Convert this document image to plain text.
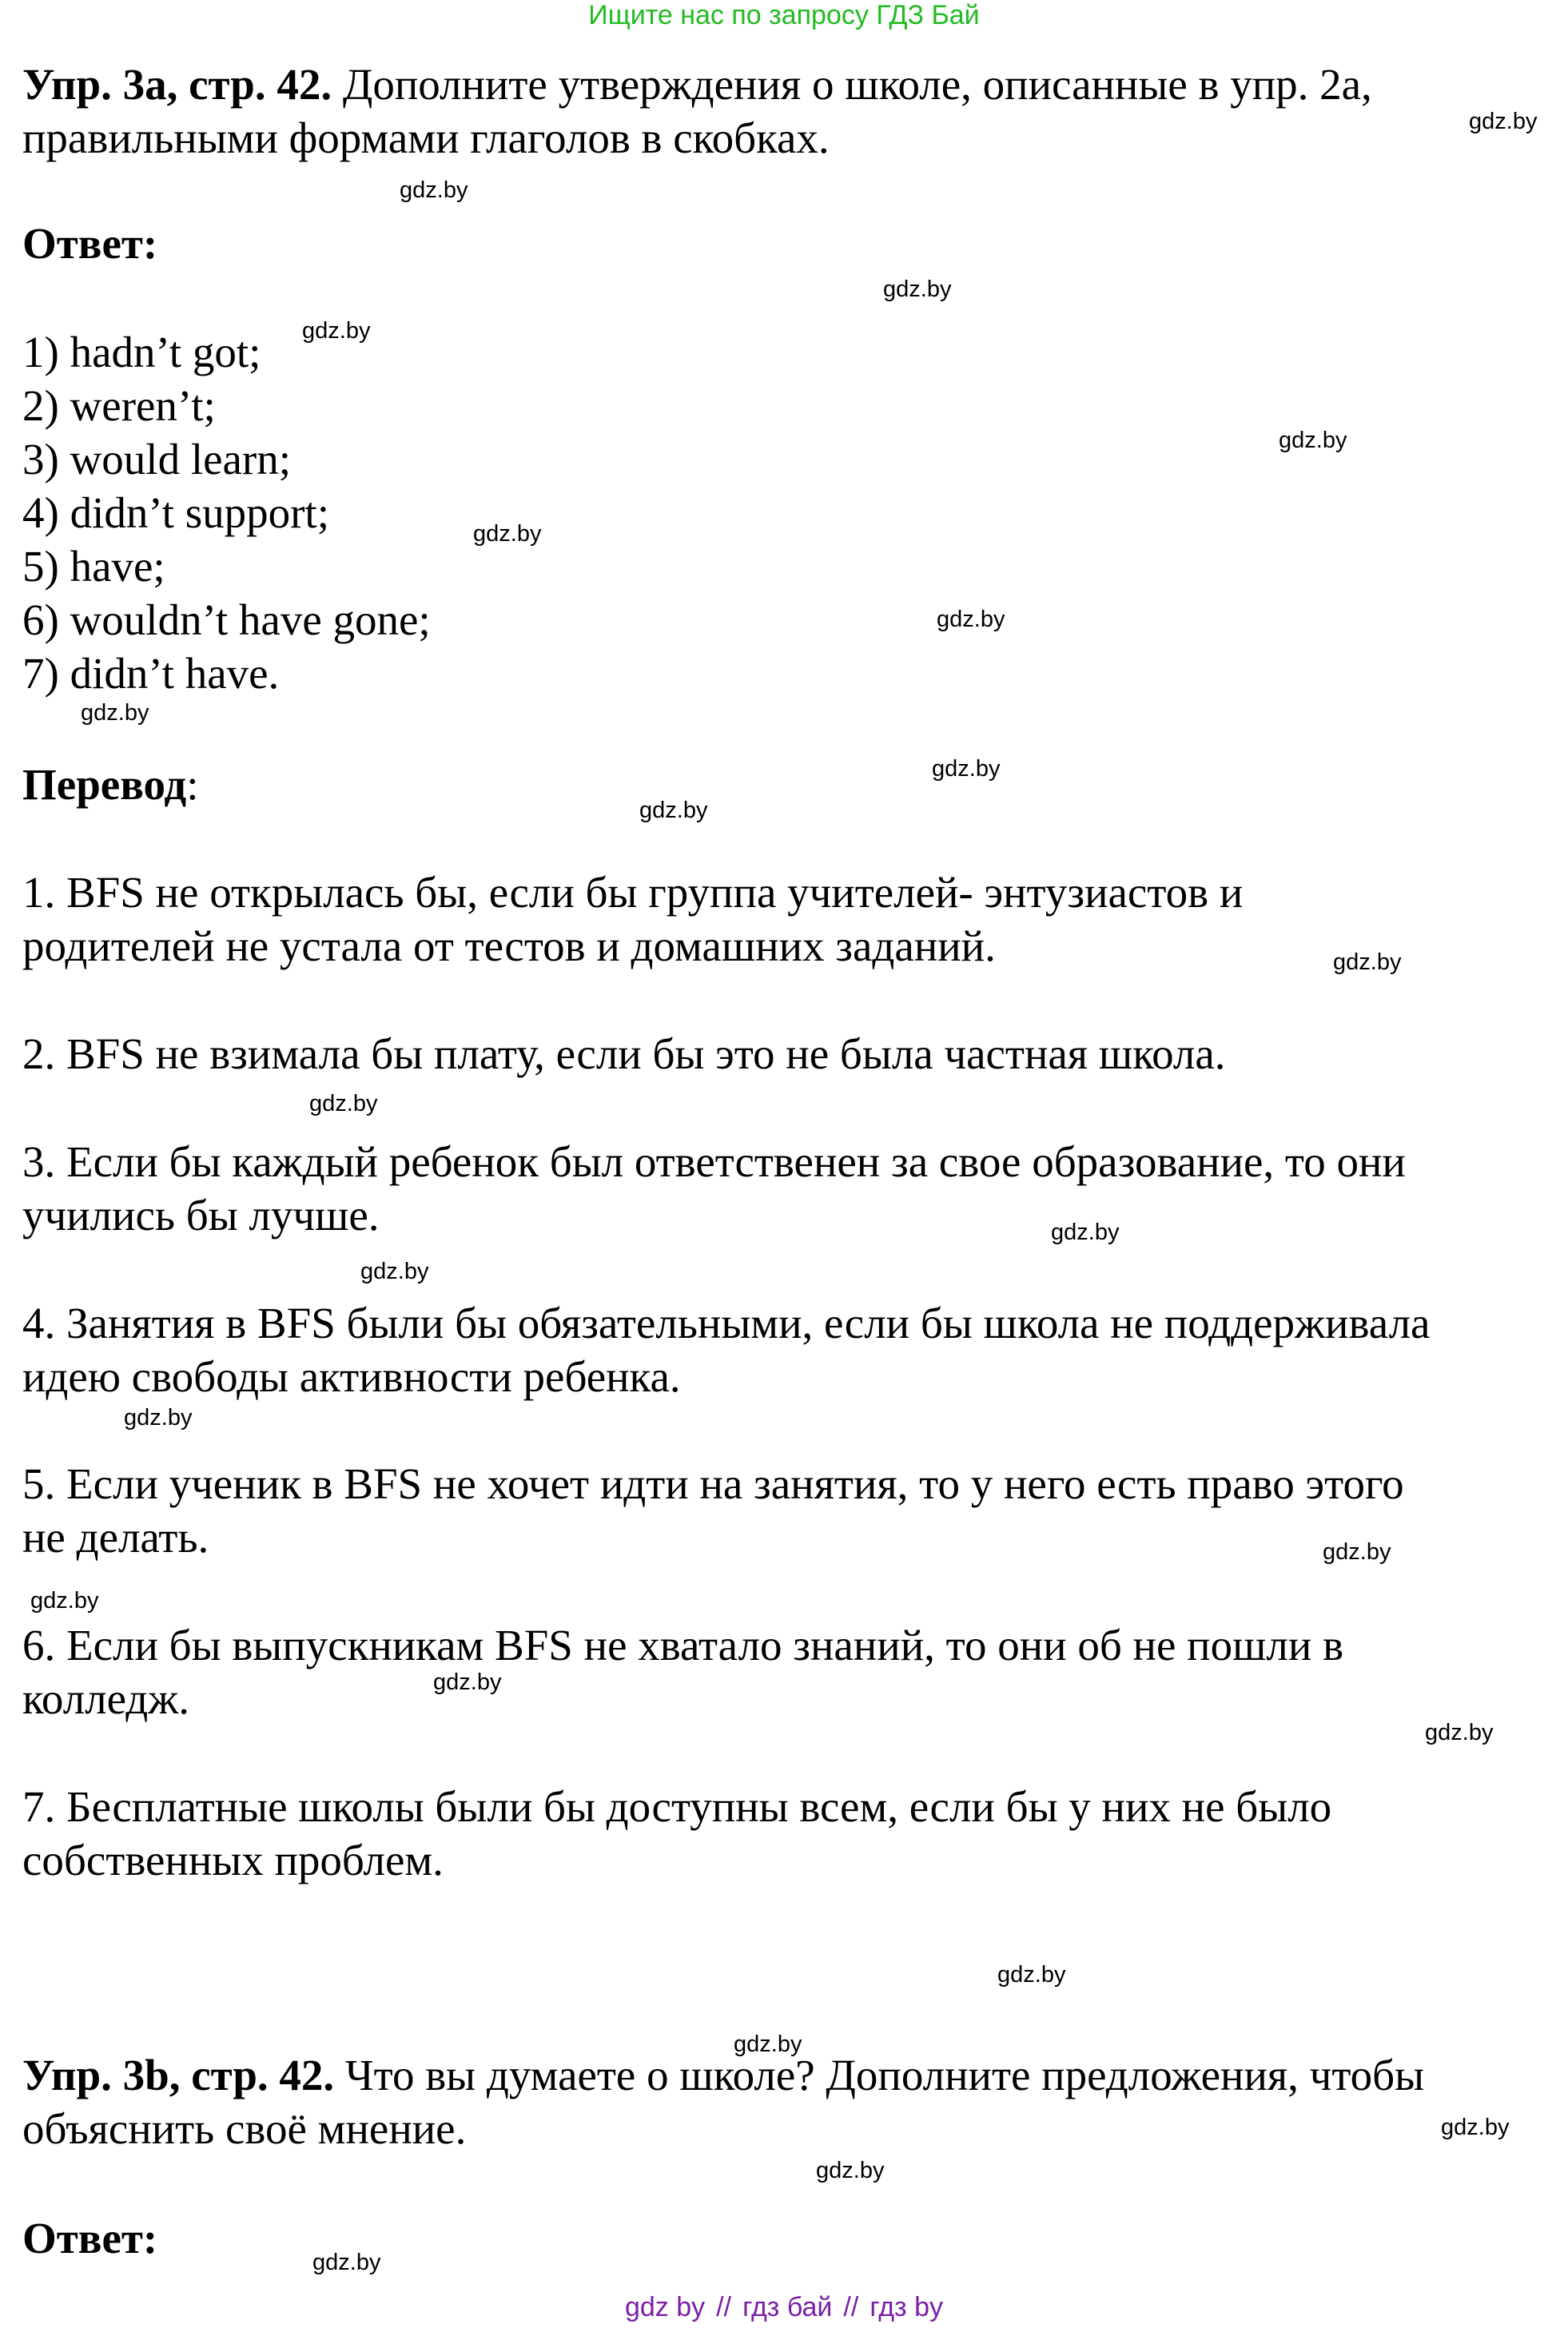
Ищите нас по запросу ГДЗ Бай
Упр. 3a, стр. 42. Дополните утверждения о школе, описанные в упр. 2а,
правильными формами глаголов в скобках.
Ответ:
1) hadn’t got;
2) weren’t;
3) would learn;
4) didn’t support;
5) have;
6) wouldn’t have gone;
7) didn’t have.
Перевод:
1. BFS не открылась бы, если бы группа учителей- энтузиастов и
родителей не устала от тестов и домашних заданий.
2. BFS не взимала бы плату, если бы это не была частная школа.
3. Если бы каждый ребенок был ответственен за свое образование, то они
учились бы лучше.
4. Занятия в BFS были бы обязательными, если бы школа не поддерживала
идею свободы активности ребенка.
5. Если ученик в BFS не хочет идти на занятия, то у него есть право этого
не делать.
6. Если бы выпускникам BFS не хватало знаний, то они об не пошли в
колледж.
7. Бесплатные школы были бы доступны всем, если бы у них не было
собственных проблем.
Упр. 3b, стр. 42. Что вы думаете о школе? Дополните предложения, чтобы
объяснить своё мнение.
Ответ:
gdz.by
gdz.by
gdz.by
gdz.by
gdz.by
gdz.by
gdz.by
gdz.by
gdz.by
gdz.by
gdz.by
gdz.by
gdz.by
gdz.by
gdz.by
gdz.by
gdz.by
gdz.by
gdz.by
gdz.by
gdz.by
gdz.by
gdz.by
gdz.by
gdz by // гдз бай // гдз by
